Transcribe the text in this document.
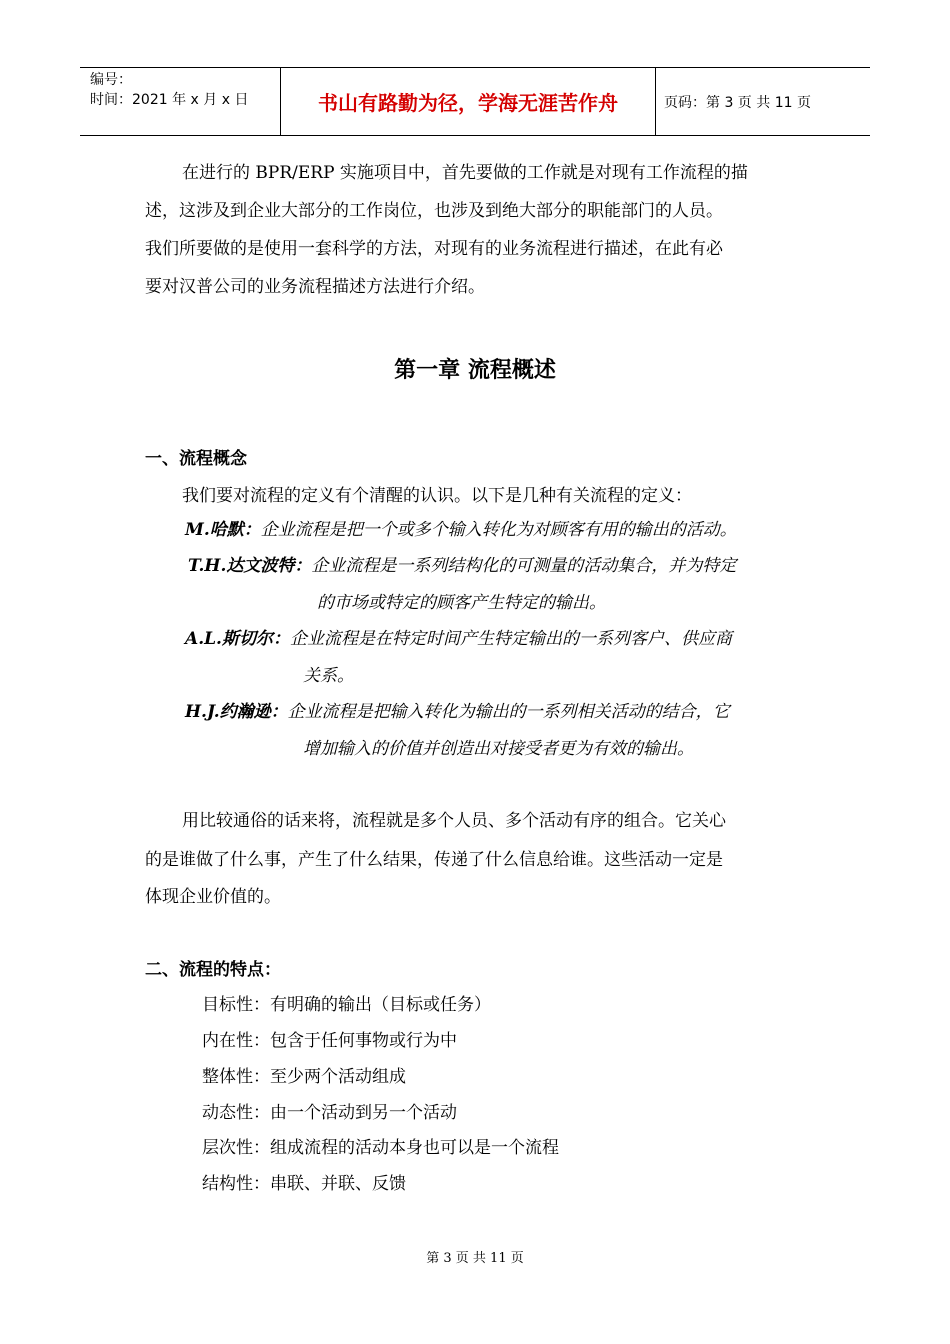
编号：
时间：2021 年 x 月 x 日	书山有路勤为径，学海无涯苦作舟	页码：第 3 页 共 11 页
在进行的 BPR/ERP 实施项目中，首先要做的工作就是对现有工作流程的描
述，这涉及到企业大部分的工作岗位，也涉及到绝大部分的职能部门的人员。
我们所要做的是使用一套科学的方法，对现有的业务流程进行描述，在此有必
要对汉普公司的业务流程描述方法进行介绍。
第一章 流程概述
一、流程概念
我们要对流程的定义有个清醒的认识。以下是几种有关流程的定义：
M.哈默：企业流程是把一个或多个输入转化为对顾客有用的输出的活动。
T.H.达文波特：企业流程是一系列结构化的可测量的活动集合，并为特定
的市场或特定的顾客产生特定的输出。
A.L.斯切尔：企业流程是在特定时间产生特定输出的一系列客户、供应商
关系。
H.J.约瀚逊：企业流程是把输入转化为输出的一系列相关活动的结合，它
增加输入的价值并创造出对接受者更为有效的输出。
用比较通俗的话来将，流程就是多个人员、多个活动有序的组合。它关心
的是谁做了什么事，产生了什么结果，传递了什么信息给谁。这些活动一定是
体现企业价值的。
二、流程的特点：
目标性：有明确的输出（目标或任务）
内在性：包含于任何事物或行为中
整体性：至少两个活动组成
动态性：由一个活动到另一个活动
层次性：组成流程的活动本身也可以是一个流程
结构性：串联、并联、反馈
第 3 页 共 11 页
